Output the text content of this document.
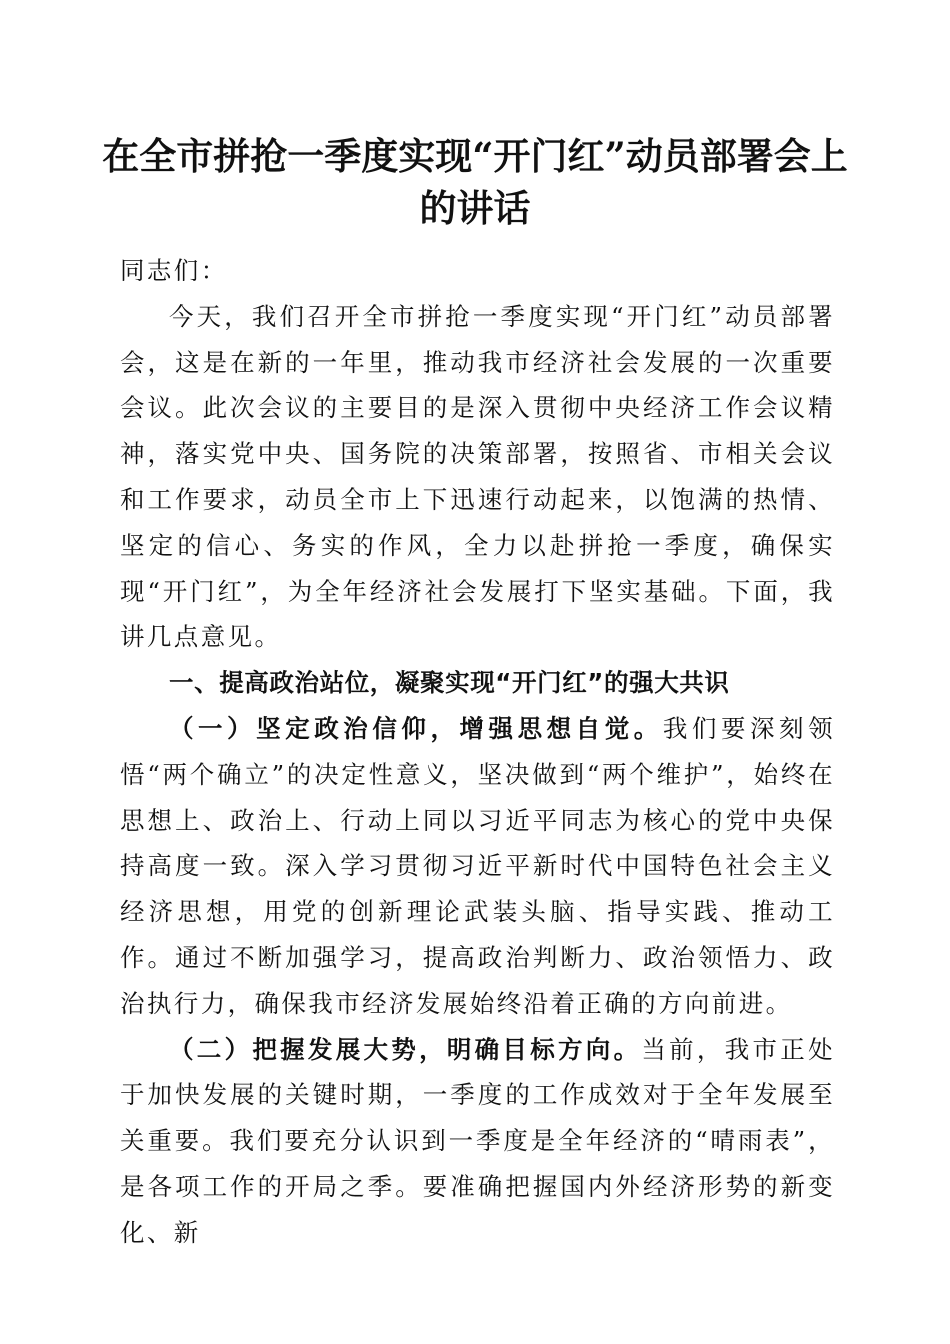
在全市拼抢一季度实现“开门红”动员部署会上的讲话

同志们：

今天，我们召开全市拼抢一季度实现“开门红”动员部署会，这是在新的一年里，推动我市经济社会发展的一次重要会议。此次会议的主要目的是深入贯彻中央经济工作会议精神，落实党中央、国务院的决策部署，按照省、市相关会议和工作要求，动员全市上下迅速行动起来，以饱满的热情、坚定的信心、务实的作风，全力以赴拼抢一季度，确保实现“开门红”，为全年经济社会发展打下坚实基础。下面，我讲几点意见。

一、提高政治站位，凝聚实现“开门红”的强大共识

（一）坚定政治信仰，增强思想自觉。我们要深刻领悟“两个确立”的决定性意义，坚决做到“两个维护”，始终在思想上、政治上、行动上同以习近平同志为核心的党中央保持高度一致。深入学习贯彻习近平新时代中国特色社会主义经济思想，用党的创新理论武装头脑、指导实践、推动工作。通过不断加强学习，提高政治判断力、政治领悟力、政治执行力，确保我市经济发展始终沿着正确的方向前进。

（二）把握发展大势，明确目标方向。当前，我市正处于加快发展的关键时期，一季度的工作成效对于全年发展至关重要。我们要充分认识到一季度是全年经济的“晴雨表”，是各项工作的开局之季。要准确把握国内外经济形势的新变化、新
